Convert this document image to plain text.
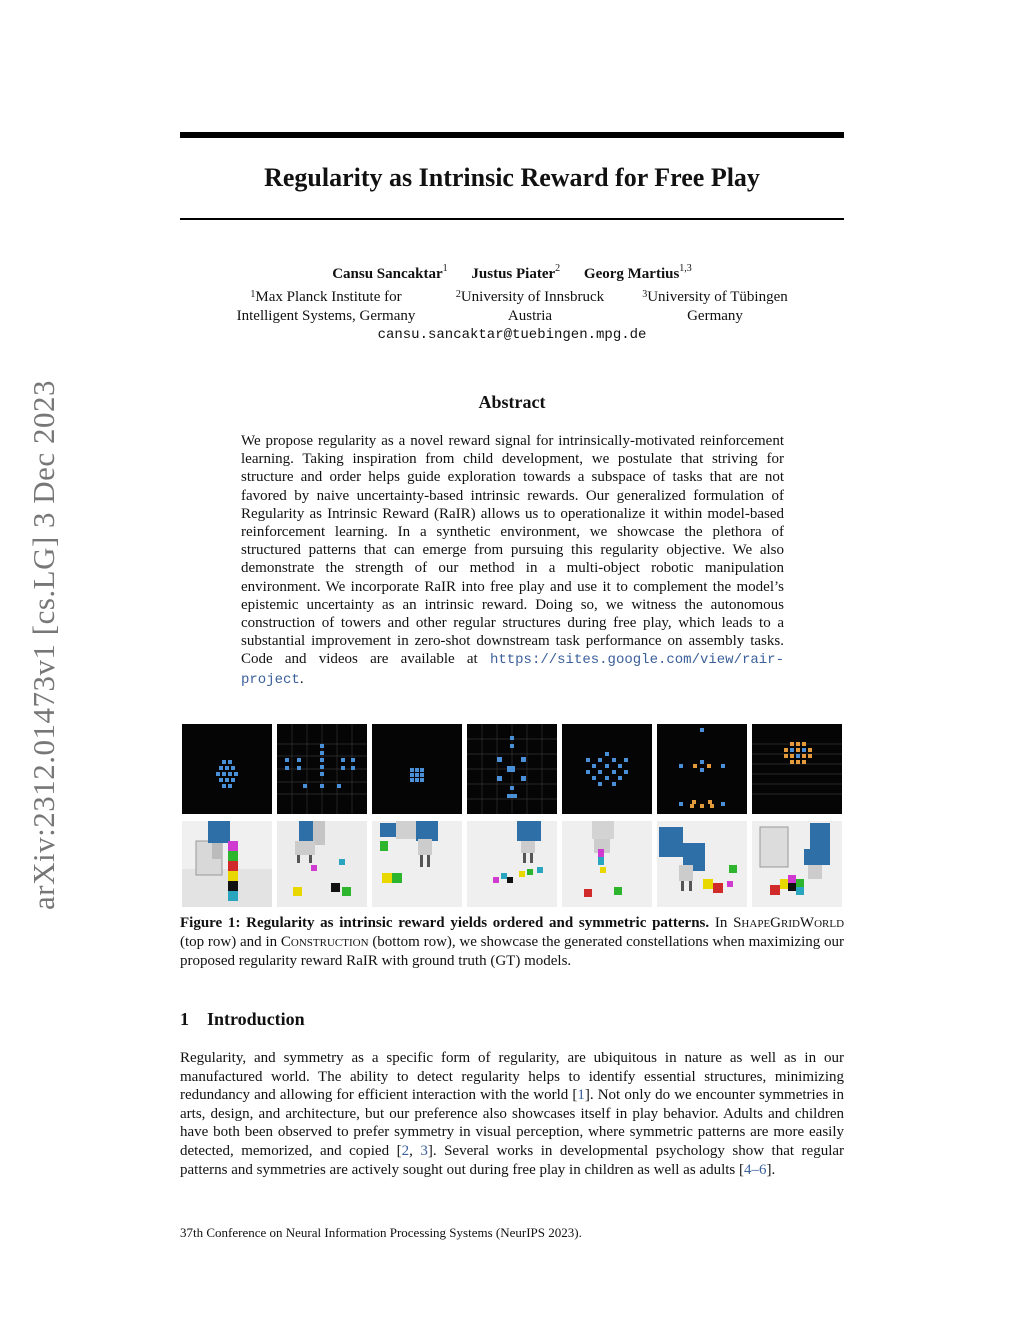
arXiv:2312.01473v1 [cs.LG] 3 Dec 2023
Regularity as Intrinsic Reward for Free Play
Cansu Sancaktar$^1$ Justus Piater$^2$ Georg Martius$^{1,3}$
$^1$Max Planck Institute for
Intelligent Systems, Germany
$^2$University of Innsbruck
Austria
$^3$University of Tübingen
Germany
cansu.sancaktar@tuebingen.mpg.de
Abstract

We propose regularity as a novel reward signal for intrinsically-motivated reinforcement learning. Taking inspiration from child development, we postulate that striving for structure and order helps guide exploration towards a subspace of tasks that are not favored by naive uncertainty-based intrinsic rewards. Our generalized formulation of Regularity as Intrinsic Reward (RaIR) allows us to operationalize it within model-based reinforcement learning. In a synthetic environment, we showcase the plethora of structured patterns that can emerge from pursuing this regularity objective. We also demonstrate the strength of our method in a multi-object robotic manipulation environment. We incorporate RaIR into free play and use it to complement the model’s epistemic uncertainty as an intrinsic reward. Doing so, we witness the autonomous construction of towers and other regular structures during free play, which leads to a substantial improvement in zero-shot downstream task performance on assembly tasks. Code and videos are available at https://sites.google.com/view/rair-project.

Figure 1: Regularity as intrinsic reward yields ordered and symmetric patterns. In ShapeGridWorld (top row) and in Construction (bottom row), we showcase the generated constellations when maximizing our proposed regularity reward RaIR with ground truth (GT) models.

1 Introduction

Regularity, and symmetry as a specific form of regularity, are ubiquitous in nature as well as in our manufactured world. The ability to detect regularity helps to identify essential structures, minimizing redundancy and allowing for efficient interaction with the world [1]. Not only do we encounter symmetries in arts, design, and architecture, but our preference also showcases itself in play behavior. Adults and children have both been observed to prefer symmetry in visual perception, where symmetric patterns are more easily detected, memorized, and copied [2, 3]. Several works in developmental psychology show that regular patterns and symmetries are actively sought out during free play in children as well as adults [4–6].

37th Conference on Neural Information Processing Systems (NeurIPS 2023).
